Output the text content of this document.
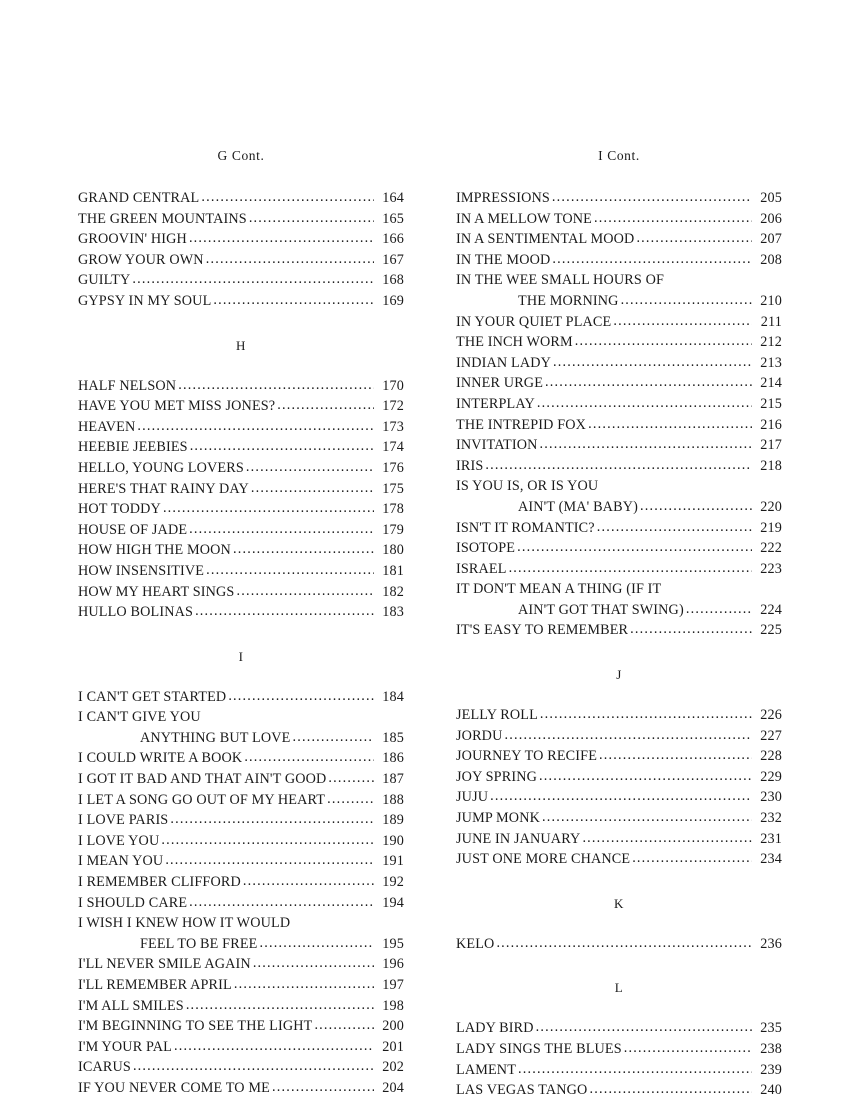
G Cont.
GRAND CENTRAL .....	164
THE GREEN MOUNTAINS .....	165
GROOVIN' HIGH .....	166
GROW YOUR OWN .....	167
GUILTY .....	168
GYPSY IN MY SOUL .....	169
H
HALF NELSON .....	170
HAVE YOU MET MISS JONES? .....	172
HEAVEN .....	173
HEEBIE JEEBIES .....	174
HELLO, YOUNG LOVERS .....	176
HERE'S THAT RAINY DAY .....	175
HOT TODDY .....	178
HOUSE OF JADE .....	179
HOW HIGH THE MOON .....	180
HOW INSENSITIVE .....	181
HOW MY HEART SINGS .....	182
HULLO BOLINAS .....	183
I
I CAN'T GET STARTED .....	184
I CAN'T GIVE YOU
ANYTHING BUT LOVE .....	185
I COULD WRITE A BOOK .....	186
I GOT IT BAD AND THAT AIN'T GOOD .....	187
I LET A SONG GO OUT OF MY HEART .....	188
I LOVE PARIS .....	189
I LOVE YOU .....	190
I MEAN YOU .....	191
I REMEMBER CLIFFORD .....	192
I SHOULD CARE .....	194
I WISH I KNEW HOW IT WOULD
FEEL TO BE FREE .....	195
I'LL NEVER SMILE AGAIN .....	196
I'LL REMEMBER APRIL .....	197
I'M ALL SMILES .....	198
I'M BEGINNING TO SEE THE LIGHT .....	200
I'M YOUR PAL .....	201
ICARUS .....	202
IF YOU NEVER COME TO ME .....	204
I Cont.
IMPRESSIONS .....	205
IN A MELLOW TONE .....	206
IN A SENTIMENTAL MOOD .....	207
IN THE MOOD .....	208
IN THE WEE SMALL HOURS OF
THE MORNING .....	210
IN YOUR QUIET PLACE .....	211
THE INCH WORM .....	212
INDIAN LADY .....	213
INNER URGE .....	214
INTERPLAY .....	215
THE INTREPID FOX .....	216
INVITATION .....	217
IRIS .....	218
IS YOU IS, OR IS YOU
AIN'T (MA' BABY) .....	220
ISN'T IT ROMANTIC? .....	219
ISOTOPE .....	222
ISRAEL .....	223
IT DON'T MEAN A THING (IF IT
AIN'T GOT THAT SWING) .....	224
IT'S EASY TO REMEMBER .....	225
J
JELLY ROLL .....	226
JORDU .....	227
JOURNEY TO RECIFE .....	228
JOY SPRING .....	229
JUJU .....	230
JUMP MONK .....	232
JUNE IN JANUARY .....	231
JUST ONE MORE CHANCE .....	234
K
KELO .....	236
L
LADY BIRD .....	235
LADY SINGS THE BLUES .....	238
LAMENT .....	239
LAS VEGAS TANGO .....	240
